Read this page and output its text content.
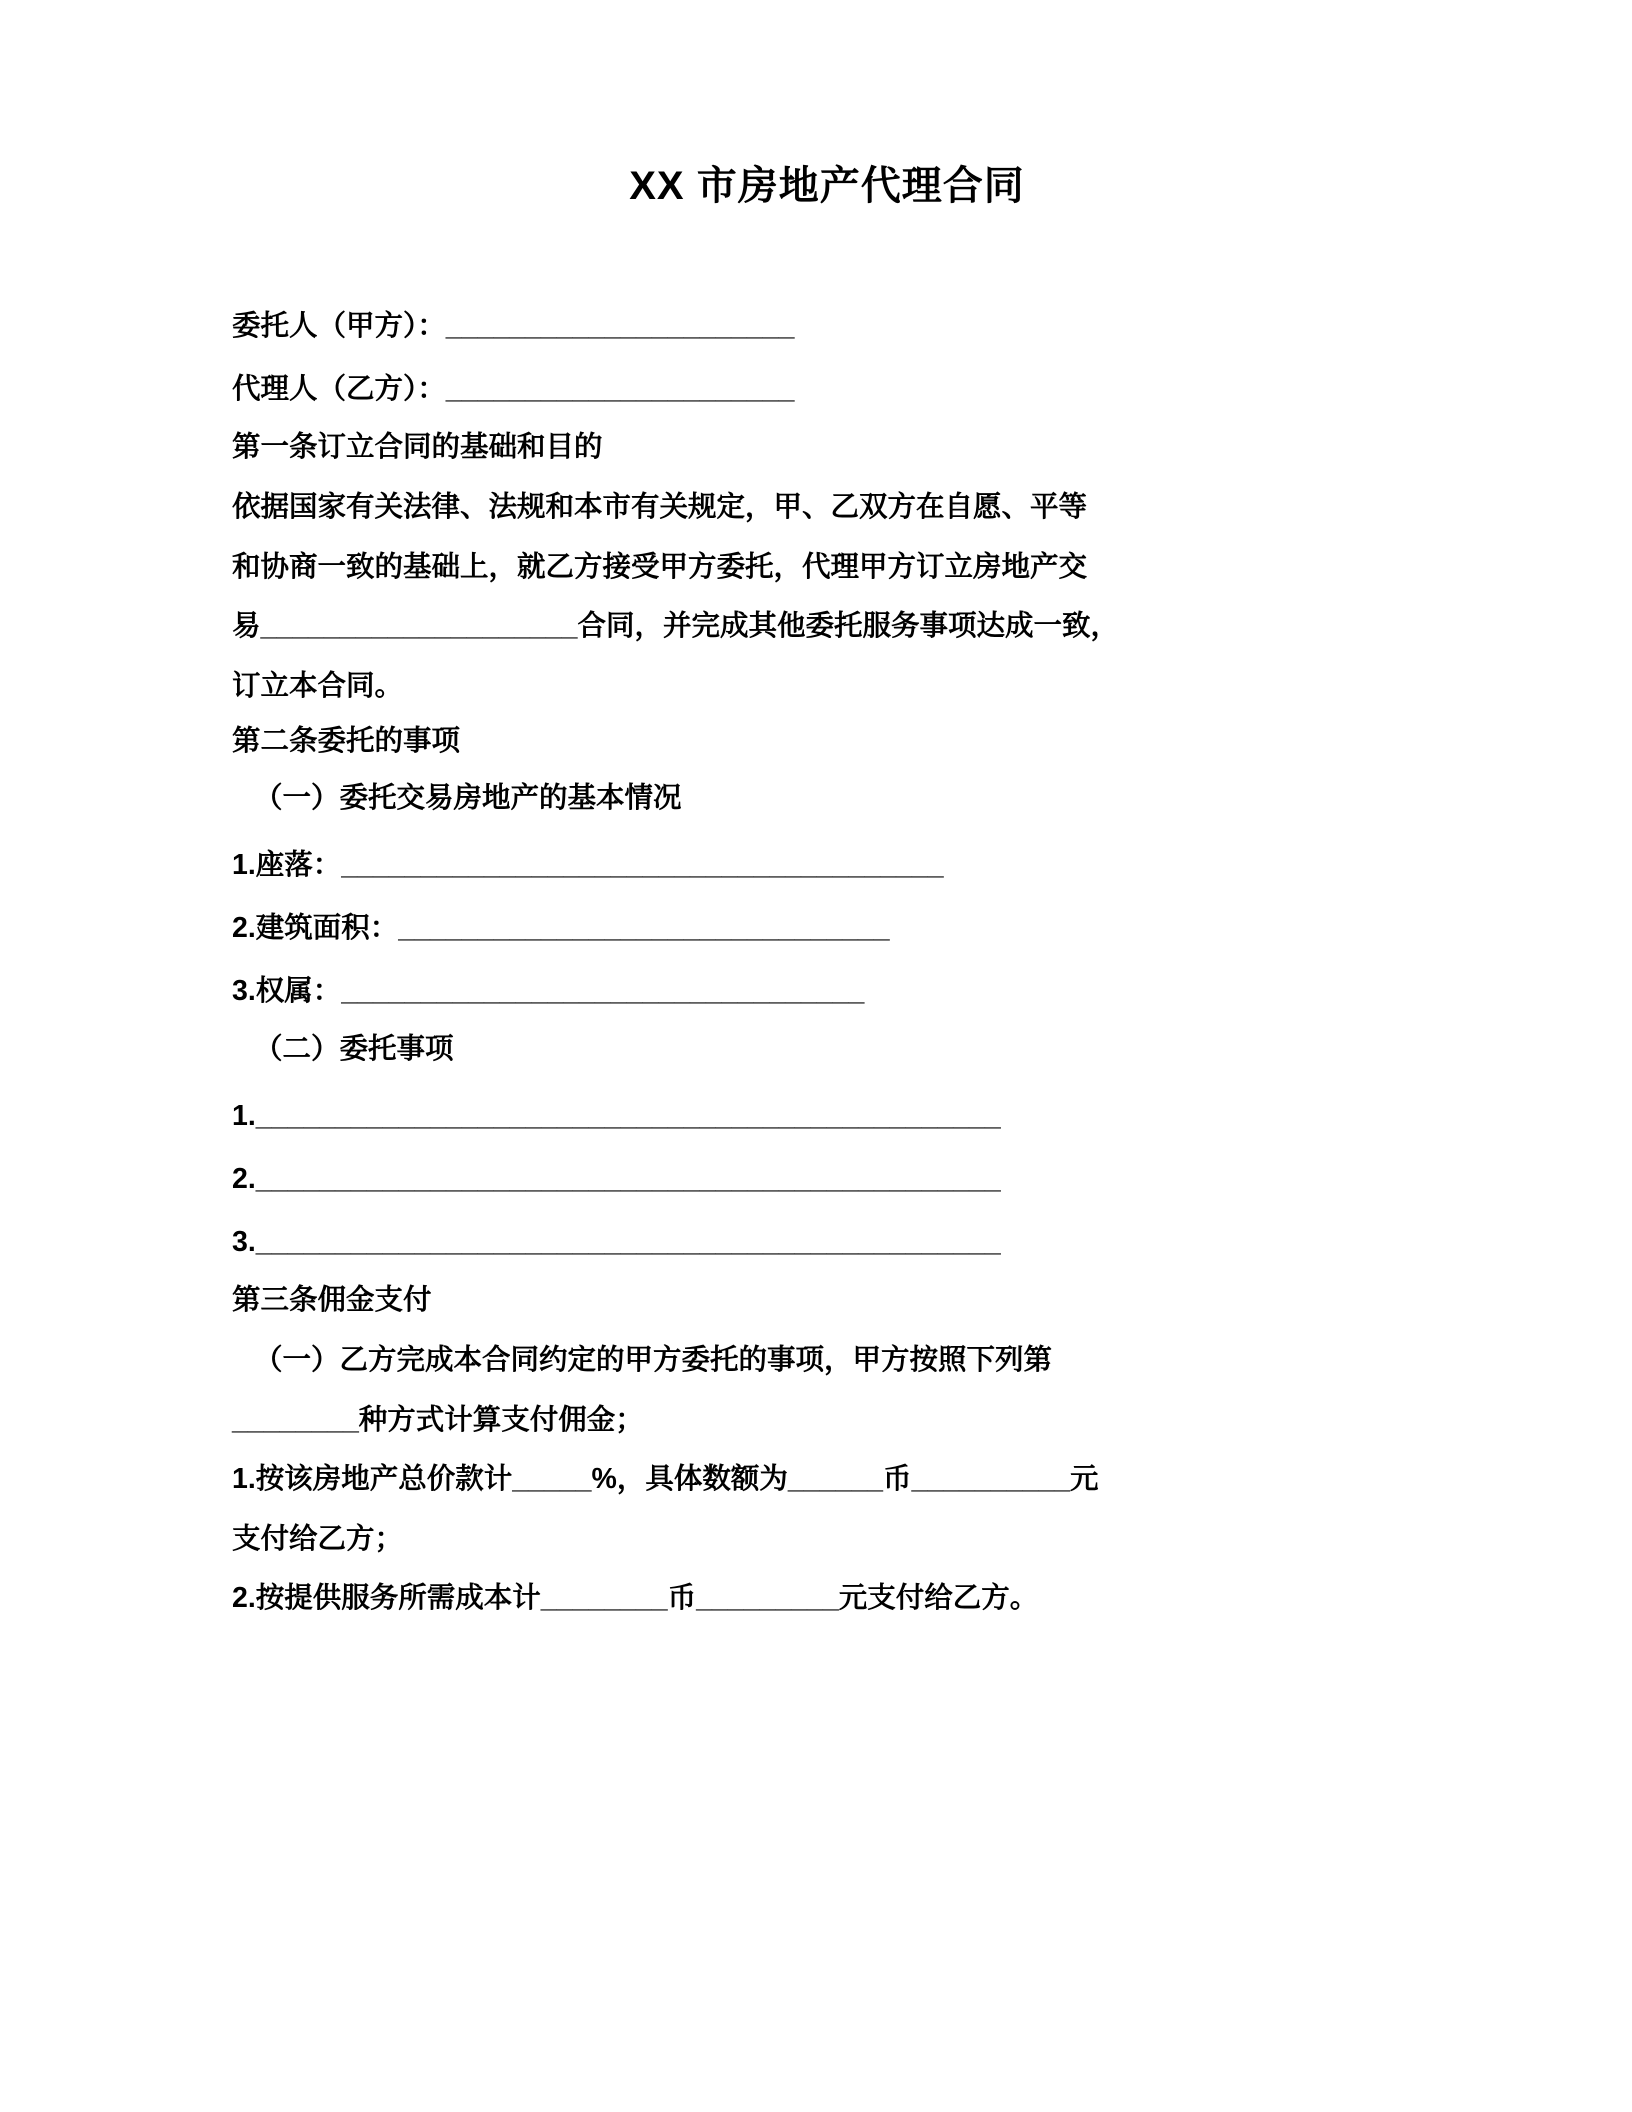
XX 市房地产代理合同

委托人（甲方）：______________________

代理人（乙方）：______________________

第一条订立合同的基础和目的

依据国家有关法律、法规和本市有关规定，甲、乙双方在自愿、平等

和协商一致的基础上，就乙方接受甲方委托，代理甲方订立房地产交

易____________________合同，并完成其他委托服务事项达成一致，

订立本合同。

第二条委托的事项

（一）委托交易房地产的基本情况

1.座落：______________________________________

2.建筑面积：_______________________________

3.权属：_________________________________

（二）委托事项

1._______________________________________________

2._______________________________________________

3._______________________________________________

第三条佣金支付

（一）乙方完成本合同约定的甲方委托的事项，甲方按照下列第

________种方式计算支付佣金；

1.按该房地产总价款计_____%，具体数额为______币__________元

支付给乙方；

2.按提供服务所需成本计________币_________元支付给乙方。
